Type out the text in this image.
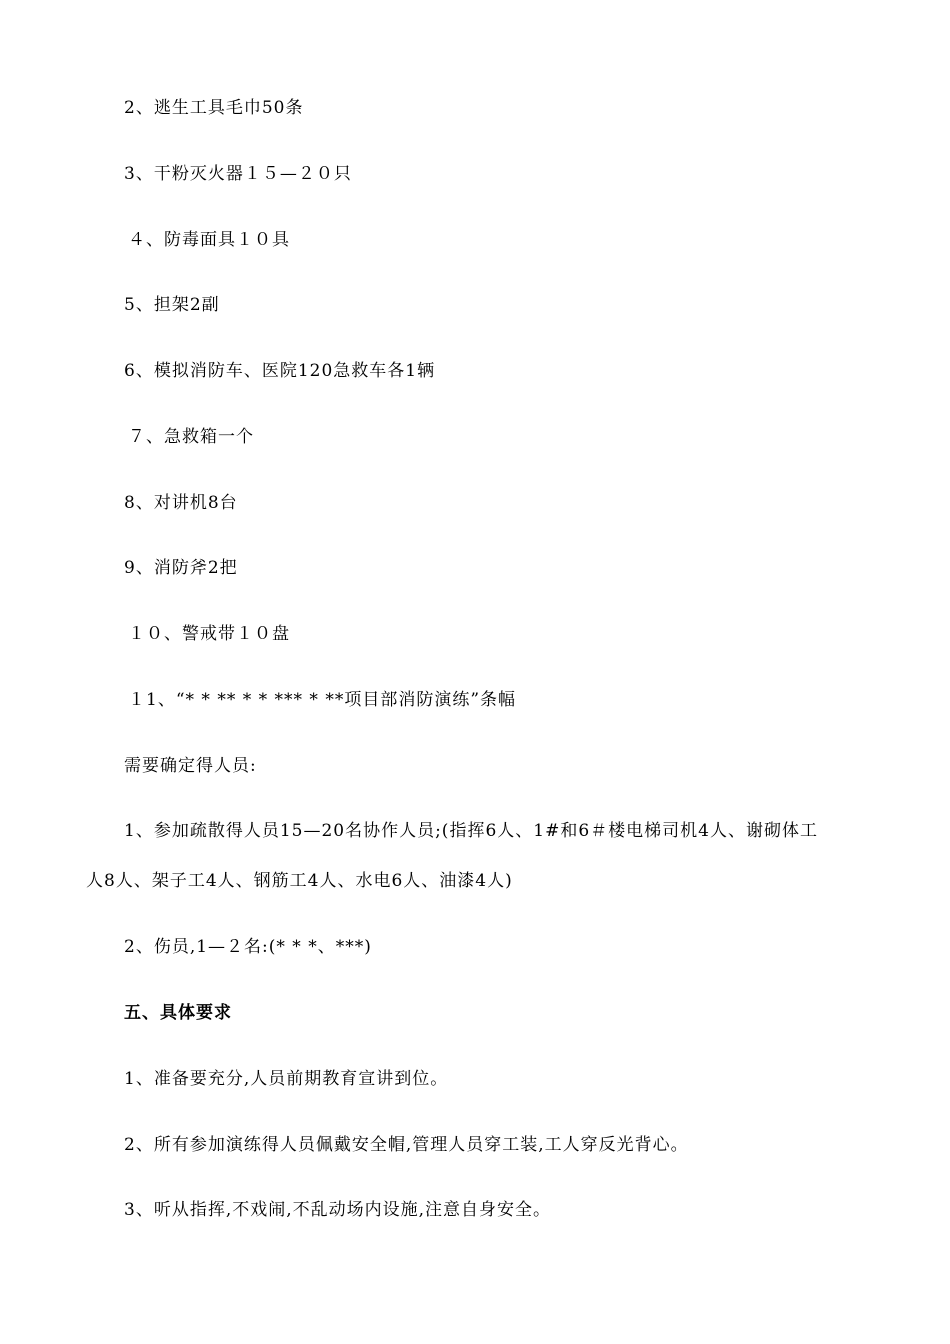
2、逃生工具毛巾50条
3、干粉灭火器１５—２０只
４、防毒面具１０具
5、担架2副
6、模拟消防车、医院120急救车各1辆
７、急救箱一个
8、对讲机8台
9、消防斧2把
１０、警戒带１０盘
１1、“* * ** * * *** * **项目部消防演练”条幅
需要确定得人员:
1、参加疏散得人员15—20名协作人员;(指挥6人、1#和6＃楼电梯司机4人、谢砌体工
人8人、架子工4人、钢筋工4人、水电6人、油漆4人)
2、伤员,1—２名:(* * *、***)
五、具体要求
1、准备要充分,人员前期教育宣讲到位。
2、所有参加演练得人员佩戴安全帽,管理人员穿工装,工人穿反光背心。
3、听从指挥,不戏闹,不乱动场内设施,注意自身安全。
